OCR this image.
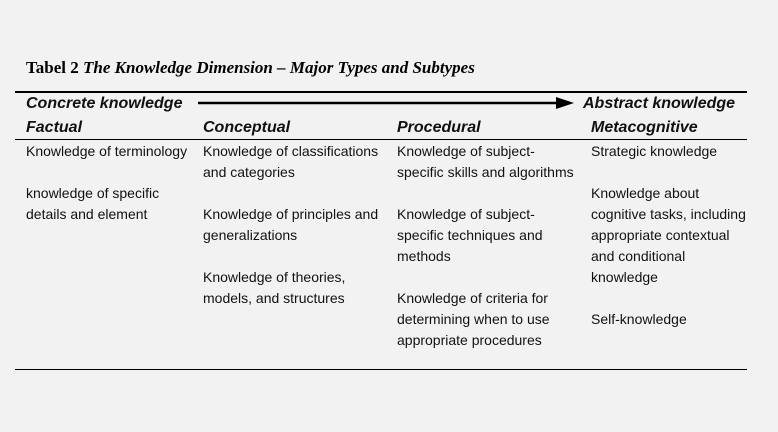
Tabel 2 The Knowledge Dimension – Major Types and Subtypes
Concrete knowledge	Abstract knowledge
Factual

Knowledge of terminology

knowledge of specific details and element

Conceptual

Knowledge of classifications and categories

Knowledge of principles and generalizations

Knowledge of theories, models, and structures

Procedural

Knowledge of subject-specific skills and algorithms

Knowledge of subject-specific techniques and methods

Knowledge of criteria for determining when to use appropriate procedures

Metacognitive

Strategic knowledge

Knowledge about cognitive tasks, including appropriate contextual and conditional knowledge

Self-knowledge
